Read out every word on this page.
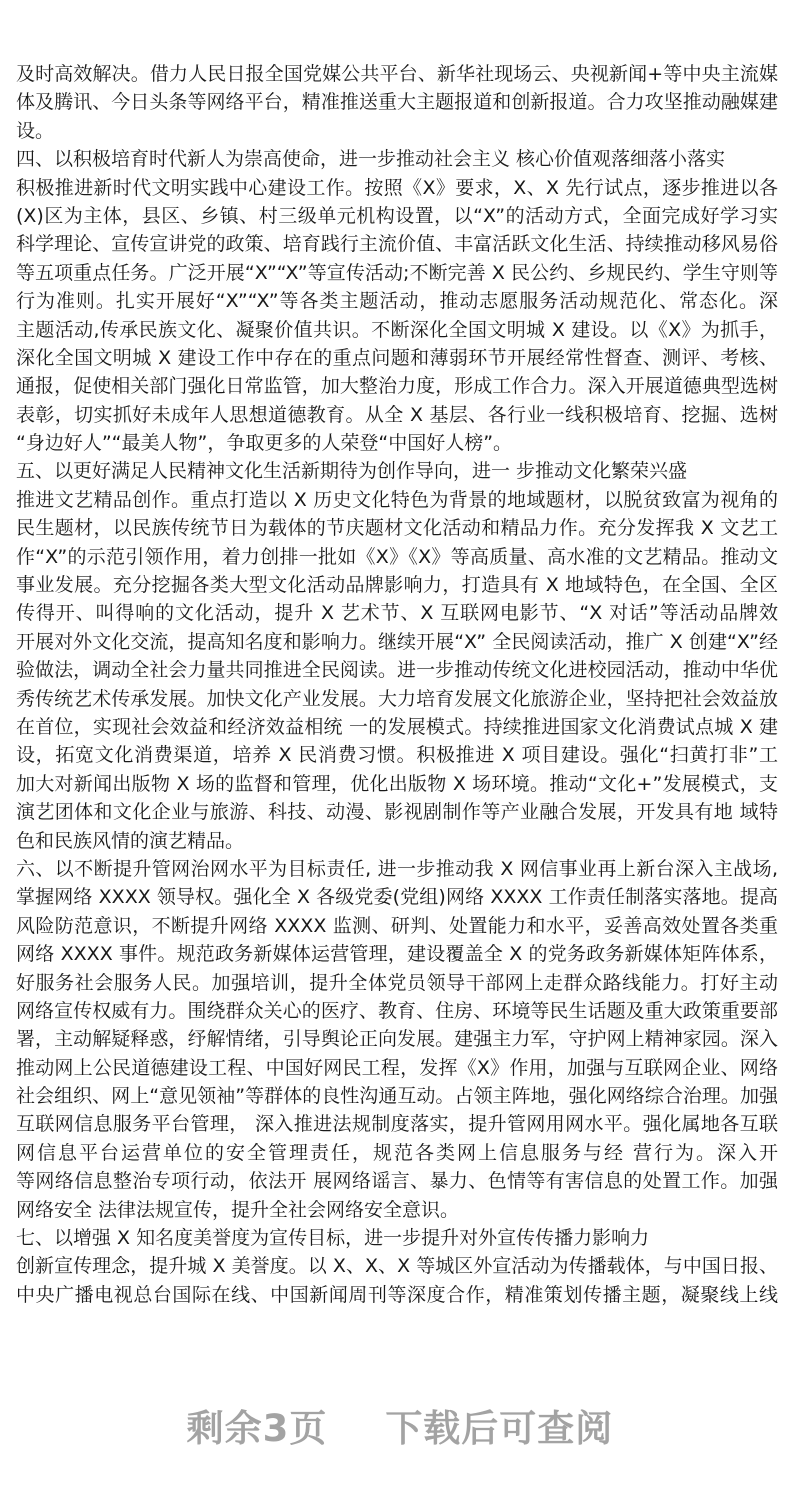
及时高效解决。借力人民日报全国党媒公共平台、新华社现场云、央视新闻+等中央主流媒
体及腾讯、今日头条等网络平台，精准推送重大主题报道和创新报道。合力攻坚推动融媒建
设。
四、以积极培育时代新人为崇高使命，进一步推动社会主义 核心价值观落细落小落实
积极推进新时代文明实践中心建设工作。按照《X》要求，X、X 先行试点，逐步推进以各
(X)区为主体，县区、乡镇、村三级单元机构设置，以“X”的活动方式，全面完成好学习实
科学理论、宣传宣讲党的政策、培育践行主流价值、丰富活跃文化生活、持续推动移风易俗
等五项重点任务。广泛开展“X”“X”等宣传活动;不断完善 X 民公约、乡规民约、学生守则等
行为准则。扎实开展好“X”“X”等各类主题活动，推动志愿服务活动规范化、常态化。深
主题活动,传承民族文化、凝聚价值共识。不断深化全国文明城 X 建设。以《X》为抓手，
深化全国文明城 X 建设工作中存在的重点问题和薄弱环节开展经常性督查、测评、考核、
通报，促使相关部门强化日常监管，加大整治力度，形成工作合力。深入开展道德典型选树
表彰，切实抓好未成年人思想道德教育。从全 X 基层、各行业一线积极培育、挖掘、选树
“身边好人”“最美人物”，争取更多的人荣登“中国好人榜”。
五、以更好满足人民精神文化生活新期待为创作导向，进一 步推动文化繁荣兴盛
推进文艺精品创作。重点打造以 X 历史文化特色为背景的地域题材，以脱贫致富为视角的
民生题材，以民族传统节日为载体的节庆题材文化活动和精品力作。充分发挥我 X 文艺工
作“X”的示范引领作用，着力创排一批如《X》《X》等高质量、高水准的文艺精品。推动文
事业发展。充分挖掘各类大型文化活动品牌影响力，打造具有 X 地域特色，在全国、全区
传得开、叫得响的文化活动，提升 X 艺术节、X 互联网电影节、“X 对话”等活动品牌效
开展对外文化交流，提高知名度和影响力。继续开展“X” 全民阅读活动，推广 X 创建“X”经
验做法，调动全社会力量共同推进全民阅读。进一步推动传统文化进校园活动，推动中华优
秀传统艺术传承发展。加快文化产业发展。大力培育发展文化旅游企业，坚持把社会效益放
在首位，实现社会效益和经济效益相统 一的发展模式。持续推进国家文化消费试点城 X 建
设，拓宽文化消费渠道，培养 X 民消费习惯。积极推进 X 项目建设。强化“扫黄打非”工
加大对新闻出版物 X 场的监督和管理，优化出版物 X 场环境。推动“文化+”发展模式，支
演艺团体和文化企业与旅游、科技、动漫、影视剧制作等产业融合发展，开发具有地 域特
色和民族风情的演艺精品。
六、以不断提升管网治网水平为目标责任, 进一步推动我 X 网信事业再上新台深入主战场,
掌握网络 XXXX 领导权。强化全 X 各级党委(党组)网络 XXXX 工作责任制落实落地。提高
风险防范意识，不断提升网络 XXXX 监测、研判、处置能力和水平，妥善高效处置各类重
网络 XXXX 事件。规范政务新媒体运营管理，建设覆盖全 X 的党务政务新媒体矩阵体系，
好服务社会服务人民。加强培训，提升全体党员领导干部网上走群众路线能力。打好主动
网络宣传权威有力。围绕群众关心的医疗、教育、住房、环境等民生话题及重大政策重要部
署，主动解疑释惑，纾解情绪，引导舆论正向发展。建强主力军，守护网上精神家园。深入
推动网上公民道德建设工程、中国好网民工程，发挥《X》作用，加强与互联网企业、网络
社会组织、网上“意见领袖”等群体的良性沟通互动。占领主阵地，强化网络综合治理。加强
互联网信息服务平台管理， 深入推进法规制度落实，提升管网用网水平。强化属地各互联
网信息平台运营单位的安全管理责任，规范各类网上信息服务与经 营行为。深入开
等网络信息整治专项行动，依法开 展网络谣言、暴力、色情等有害信息的处置工作。加强
网络安全 法律法规宣传，提升全社会网络安全意识。
七、以增强 X 知名度美誉度为宣传目标，进一步提升对外宣传传播力影响力
创新宣传理念，提升城 X 美誉度。以 X、X、X 等城区外宣活动为传播载体，与中国日报、
中央广播电视总台国际在线、中国新闻周刊等深度合作，精准策划传播主题，凝聚线上线
剩余3页 下载后可查阅
